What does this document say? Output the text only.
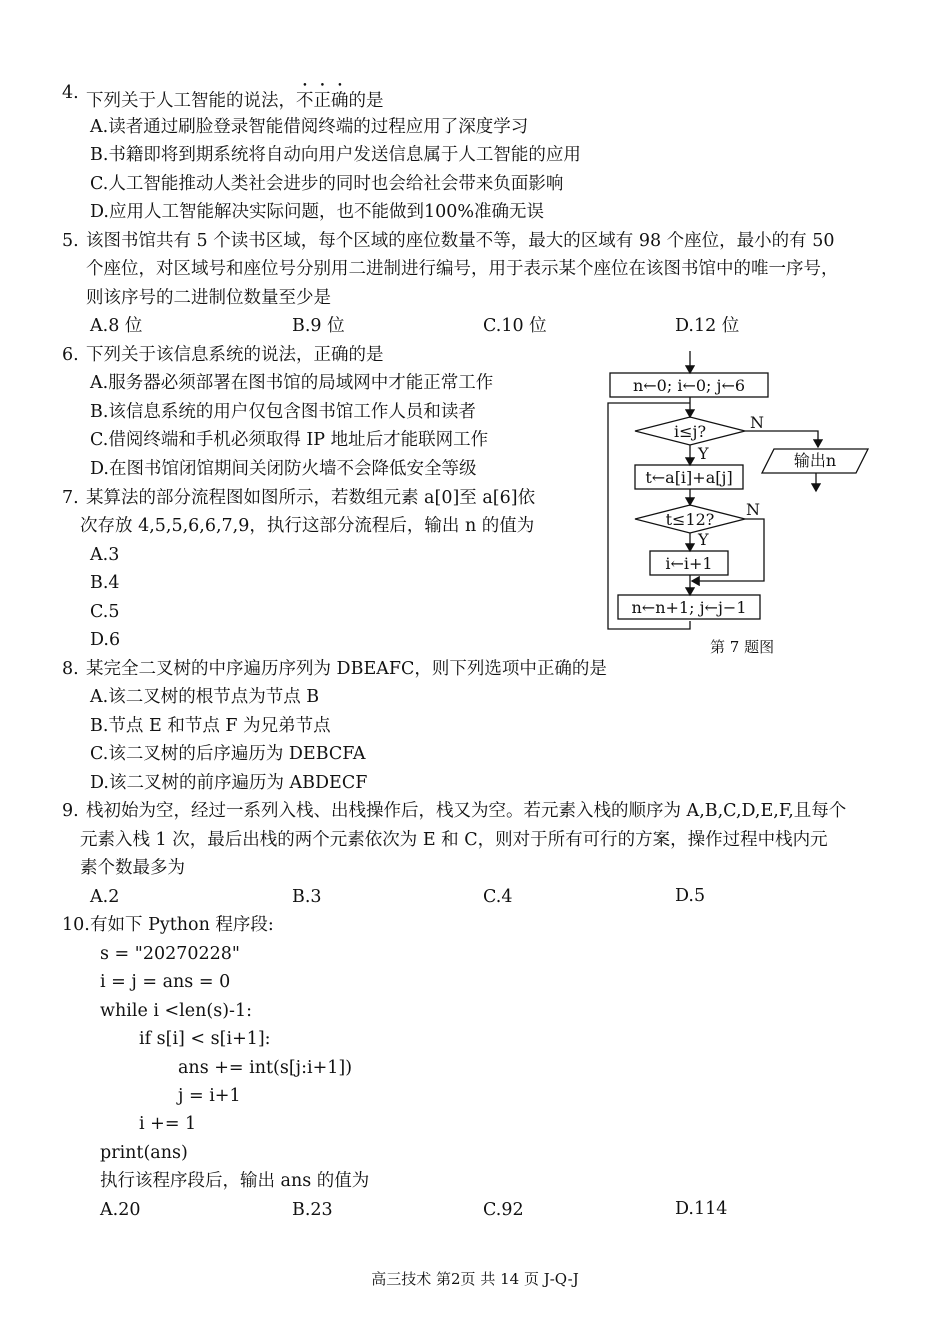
4. 下列关于人工智能的说法，不正确的是
A.读者通过刷脸登录智能借阅终端的过程应用了深度学习
B.书籍即将到期系统将自动向用户发送信息属于人工智能的应用
C.人工智能推动人类社会进步的同时也会给社会带来负面影响
D.应用人工智能解决实际问题，也不能做到100%准确无误
5. 该图书馆共有 5 个读书区域，每个区域的座位数量不等，最大的区域有 98 个座位，最小的有 50
个座位，对区域号和座位号分别用二进制进行编号，用于表示某个座位在该图书馆中的唯一序号，
则该序号的二进制位数量至少是
A.8 位	B.9 位	C.10 位	D.12 位
6. 下列关于该信息系统的说法，正确的是
A.服务器必须部署在图书馆的局域网中才能正常工作
B.该信息系统的用户仅包含图书馆工作人员和读者
C.借阅终端和手机必须取得 IP 地址后才能联网工作
D.在图书馆闭馆期间关闭防火墙不会降低安全等级
7. 某算法的部分流程图如图所示，若数组元素 a[0]至 a[6]依
次存放 4,5,5,6,6,7,9，执行这部分流程后，输出 n 的值为
A.3
B.4
C.5
D.6
n←0; i←0; j←6
i≤j?	N
输出n
Y
t←a[i]+a[j]
t≤12?
N
Y
i←i+1
n←n+1; j←j−1
第 7 题图
8. 某完全二叉树的中序遍历序列为 DBEAFC，则下列选项中正确的是
A.该二叉树的根节点为节点 B
B.节点 E 和节点 F 为兄弟节点
C.该二叉树的后序遍历为 DEBCFA
D.该二叉树的前序遍历为 ABDECF
9. 栈初始为空，经过一系列入栈、出栈操作后，栈又为空。若元素入栈的顺序为 A,B,C,D,E,F,且每个
元素入栈 1 次，最后出栈的两个元素依次为 E 和 C，则对于所有可行的方案，操作过程中栈内元
素个数最多为
A.2	B.3	C.4	D.5
10. 有如下 Python 程序段:
s = "20270228"
i = j = ans = 0
while i <len(s)-1:
if s[i] < s[i+1]:
ans += int(s[j:i+1])
j = i+1
i += 1
print(ans)
执行该程序段后，输出 ans 的值为
A.20	B.23	C.92	D.114
高三技术 第2页 共 14 页 J-Q-J
